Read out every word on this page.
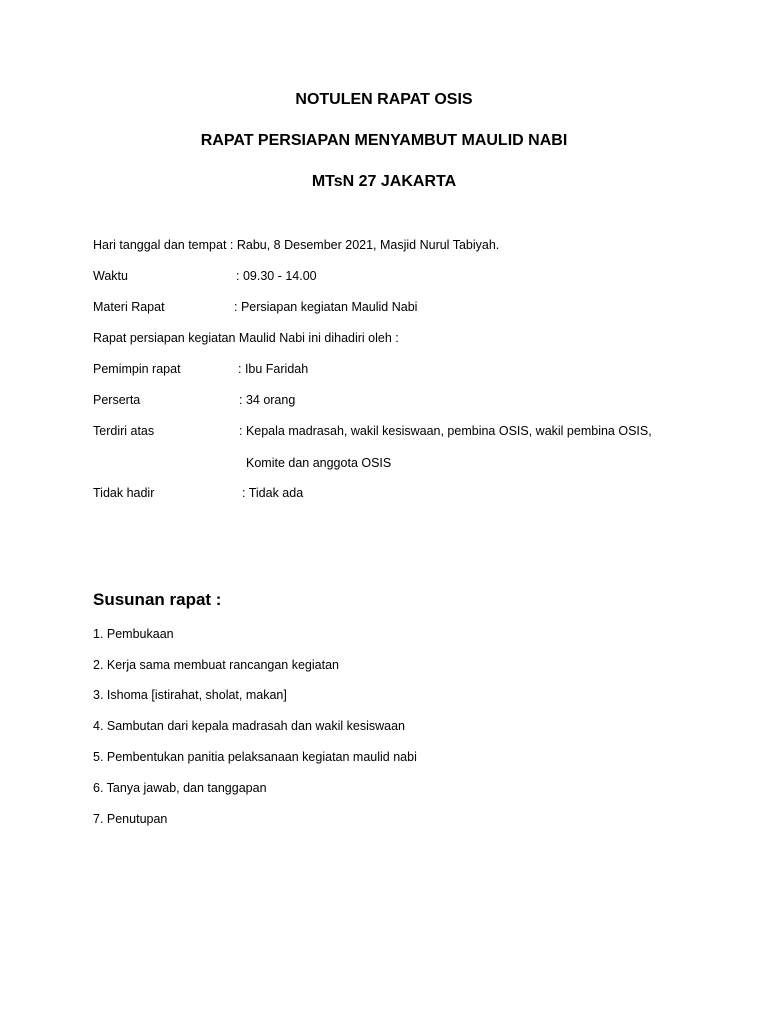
NOTULEN RAPAT OSIS
RAPAT PERSIAPAN MENYAMBUT MAULID NABI
MTsN 27 JAKARTA
Hari tanggal dan tempat : Rabu, 8 Desember 2021, Masjid Nurul Tabiyah.
Waktu	: 09.30 - 14.00
Materi Rapat	: Persiapan kegiatan Maulid Nabi
Rapat persiapan kegiatan Maulid Nabi ini dihadiri oleh :
Pemimpin rapat	: Ibu Faridah
Perserta	: 34 orang
Terdiri atas	: Kepala madrasah, wakil kesiswaan, pembina OSIS, wakil pembina OSIS,
Komite dan anggota OSIS
Tidak hadir	: Tidak ada
Susunan rapat :
1. Pembukaan
2. Kerja sama membuat rancangan kegiatan
3. Ishoma [istirahat, sholat, makan]
4. Sambutan dari kepala madrasah dan wakil kesiswaan
5. Pembentukan panitia pelaksanaan kegiatan maulid nabi
6. Tanya jawab, dan tanggapan
7. Penutupan
